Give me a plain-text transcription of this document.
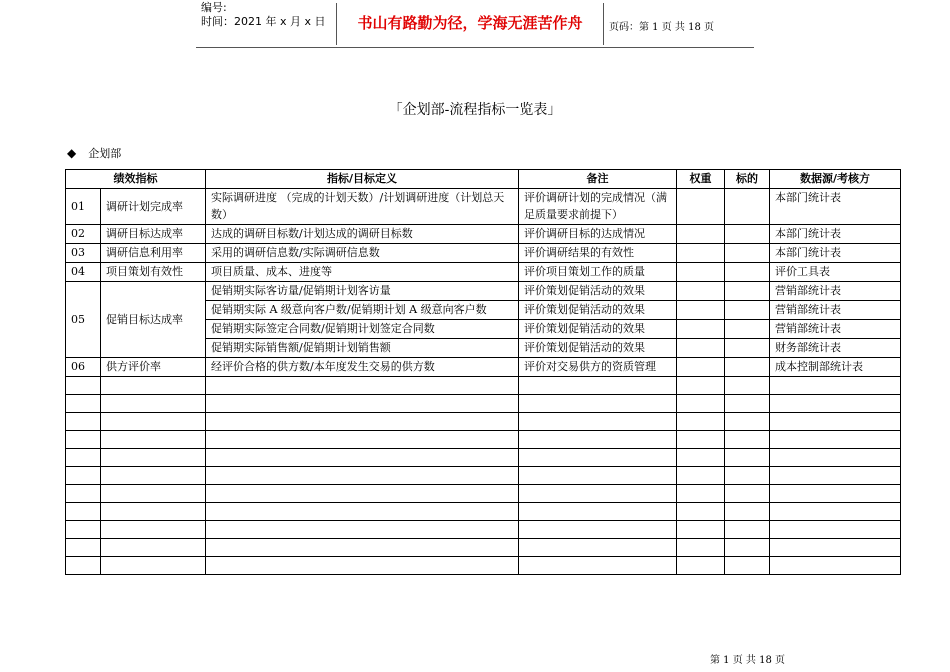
编号:
时间：2021 年 x 月 x 日	书山有路勤为径，学海无涯苦作舟	页码：第 1 页 共 18 页
「企划部-流程指标一览表」
◆ 企划部
绩效指标		指标/目标定义	备注	权重	标的	数据源/考核方
01	调研计划完成率	实际调研进度 （完成的计划天数）/计划调研进度（计划总天数）	评价调研计划的完成情况（满足质量要求前提下）			本部门统计表
02	调研目标达成率	达成的调研目标数/计划达成的调研目标数	评价调研目标的达成情况			本部门统计表
03	调研信息利用率	采用的调研信息数/实际调研信息数	评价调研结果的有效性			本部门统计表
04	项目策划有效性	项目质量、成本、进度等	评价项目策划工作的质量			评价工具表
05	促销目标达成率	促销期实际客访量/促销期计划客访量	评价策划促销活动的效果			营销部统计表
		促销期实际 A 级意向客户数/促销期计划 A 级意向客户数	评价策划促销活动的效果			营销部统计表
		促销期实际签定合同数/促销期计划签定合同数	评价策划促销活动的效果			营销部统计表
		促销期实际销售额/促销期计划销售额	评价策划促销活动的效果			财务部统计表
06	供方评价率	经评价合格的供方数/本年度发生交易的供方数	评价对交易供方的资质管理			成本控制部统计表

第 1 页 共 18 页
